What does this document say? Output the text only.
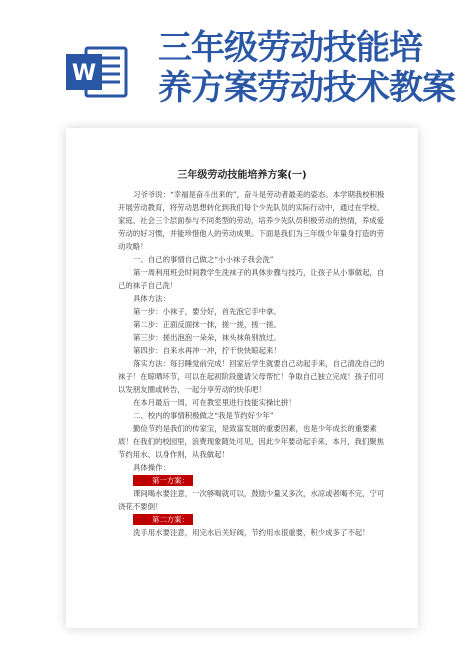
W
三年级劳动技能培
养方案劳动技术教案
三年级劳动技能培养方案(一)

习爷爷说：“幸福是奋斗出来的”，奋斗是劳动者最美的姿态。本学期我校积极开展劳动教育，将劳动思想转化到我们每个少先队员的实际行动中，通过在学校、家庭、社会三个层面参与不同类型的劳动，培养少先队员积极劳动的热情，养成爱劳动的好习惯，并能珍惜他人的劳动成果。下面是我们为三年级少年量身打造的劳动攻略！

一、自己的事情自己做之“小小袜子我会洗”

第一周利用班会时间教学生洗袜子的具体步骤与技巧，让孩子从小事做起，自己的袜子自己洗！

具体方法：

第一步：小袜子，要分好，首先泡它手中拿。

第二步：正面反面抹一抹，搓一搓，搓一搓。

第三步：搓出泡泡一朵朵，袜头袜角别放过。

第四步：自来水再冲一冲，拧干快快晾起来！

落实方法：每日睡觉前完成！回家后学生就要自己动起手来，自己清洗自己的袜子！在晾晒环节，可以在起初阶段邀请父母帮忙！争取自己独立完成！孩子们可以发朋友圈或转告，一起分享劳动的快乐吧！

在本月最后一周，可在教室里进行技能实操比拼！

二、校内的事情积极做之“我是节约好少年”

勤俭节约是我们的传家宝，是致富发展的重要因素，也是少年成长的重要素质！在我们的校园里，浪费现象随处可见，因此少年要动起手来，本月，我们聚焦节约用水、以身作则，从我做起！

具体操作：

第一方案：

课间喝水要注意，一次够喝就可以，鼓励少量又多次，水凉或者喝不完，宁可浇花不要倒！

第二方案：

洗手用水要注意，用完水后关好阀，节约用水很重要，积少成多了不起！
